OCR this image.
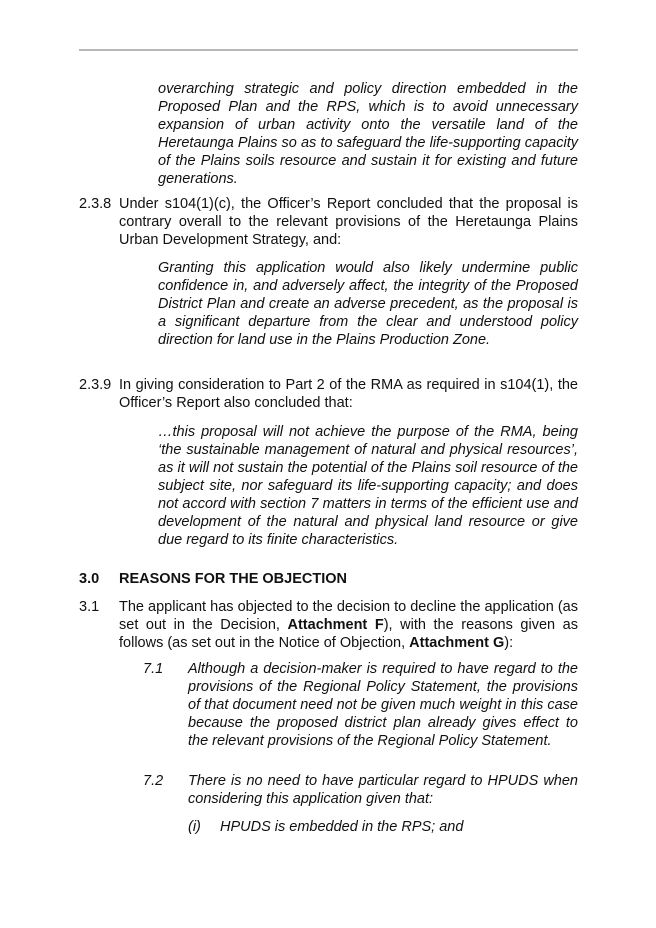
overarching strategic and policy direction embedded in the Proposed Plan and the RPS, which is to avoid unnecessary expansion of urban activity onto the versatile land of the Heretaunga Plains so as to safeguard the life-supporting capacity of the Plains soils resource and sustain it for existing and future generations.

2.3.8 Under s104(1)(c), the Officer’s Report concluded that the proposal is contrary overall to the relevant provisions of the Heretaunga Plains Urban Development Strategy, and:

Granting this application would also likely undermine public confidence in, and adversely affect, the integrity of the Proposed District Plan and create an adverse precedent, as the proposal is a significant departure from the clear and understood policy direction for land use in the Plains Production Zone.

2.3.9 In giving consideration to Part 2 of the RMA as required in s104(1), the Officer’s Report also concluded that:

…this proposal will not achieve the purpose of the RMA, being ‘the sustainable management of natural and physical resources’, as it will not sustain the potential of the Plains soil resource of the subject site, nor safeguard its life-supporting capacity; and does not accord with section 7 matters in terms of the efficient use and development of the natural and physical land resource or give due regard to its finite characteristics.

3.0 REASONS FOR THE OBJECTION

3.1 The applicant has objected to the decision to decline the application (as set out in the Decision, Attachment F), with the reasons given as follows (as set out in the Notice of Objection, Attachment G):

7.1 Although a decision-maker is required to have regard to the provisions of the Regional Policy Statement, the provisions of that document need not be given much weight in this case because the proposed district plan already gives effect to the relevant provisions of the Regional Policy Statement.

7.2 There is no need to have particular regard to HPUDS when considering this application given that:

(i) HPUDS is embedded in the RPS; and
